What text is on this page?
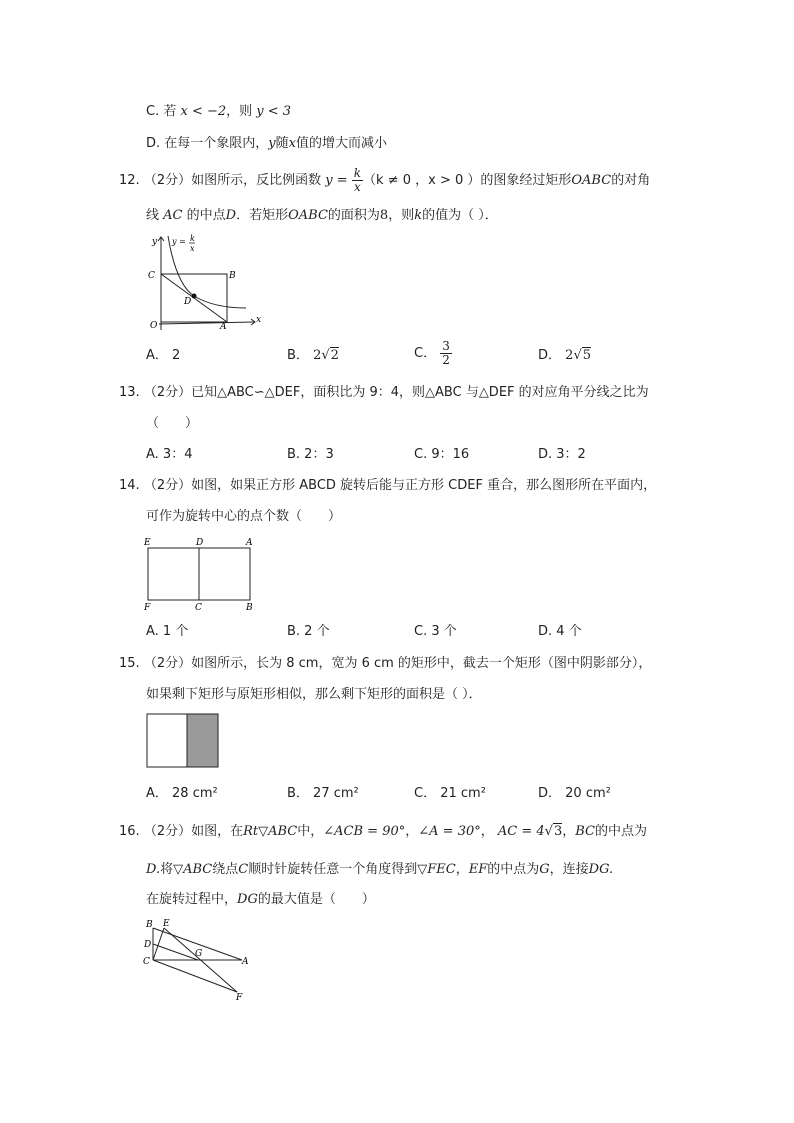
C. 若 x < −2，则 y < 3
D. 在每一个象限内，y随x值的增大而减小
12. （2分）如图所示，反比例函数 $y = \frac{k}{x} (k \ne 0$ ，x > 0 ）的图象经过矩形OABC的对角
线 AC 的中点D．若矩形OABC的面积为8，则k的值为（ ）．
y y = k
x
x
C	B
D
O	A
A． 2	B． 2√2	C． $\frac{3}{2}$	D． 2√5
13. （2分）已知△ABC∽△DEF，面积比为 9：4，则△ABC 与△DEF 的对应角平分线之比为
（　　）
A. 3：4	B. 2：3	C. 9：16	D. 3：2
14. （2分）如图，如果正方形 ABCD 旋转后能与正方形 CDEF 重合，那么图形所在平面内，
可作为旋转中心的点个数（　　）
E	D	A
F	C	B
A. 1 个	B. 2 个	C. 3 个	D. 4 个
15. （2分）如图所示，长为 8 cm，宽为 6 cm 的矩形中，截去一个矩形（图中阴影部分），
如果剩下矩形与原矩形相似，那么剩下矩形的面积是（ ）．
A． 28 cm²	B． 27 cm²	C． 21 cm²	D． 20 cm²
16. （2分）如图，在Rt▽ABC中，∠ACB = 90°，∠A = 30°， AC = 4√3，BC的中点为
D.将▽ABC绕点C顺时针旋转任意一个角度得到▽FEC，EF的中点为G，连接DG.
在旋转过程中，DG的最大值是（　　）
B E
D
G
C	A
F
